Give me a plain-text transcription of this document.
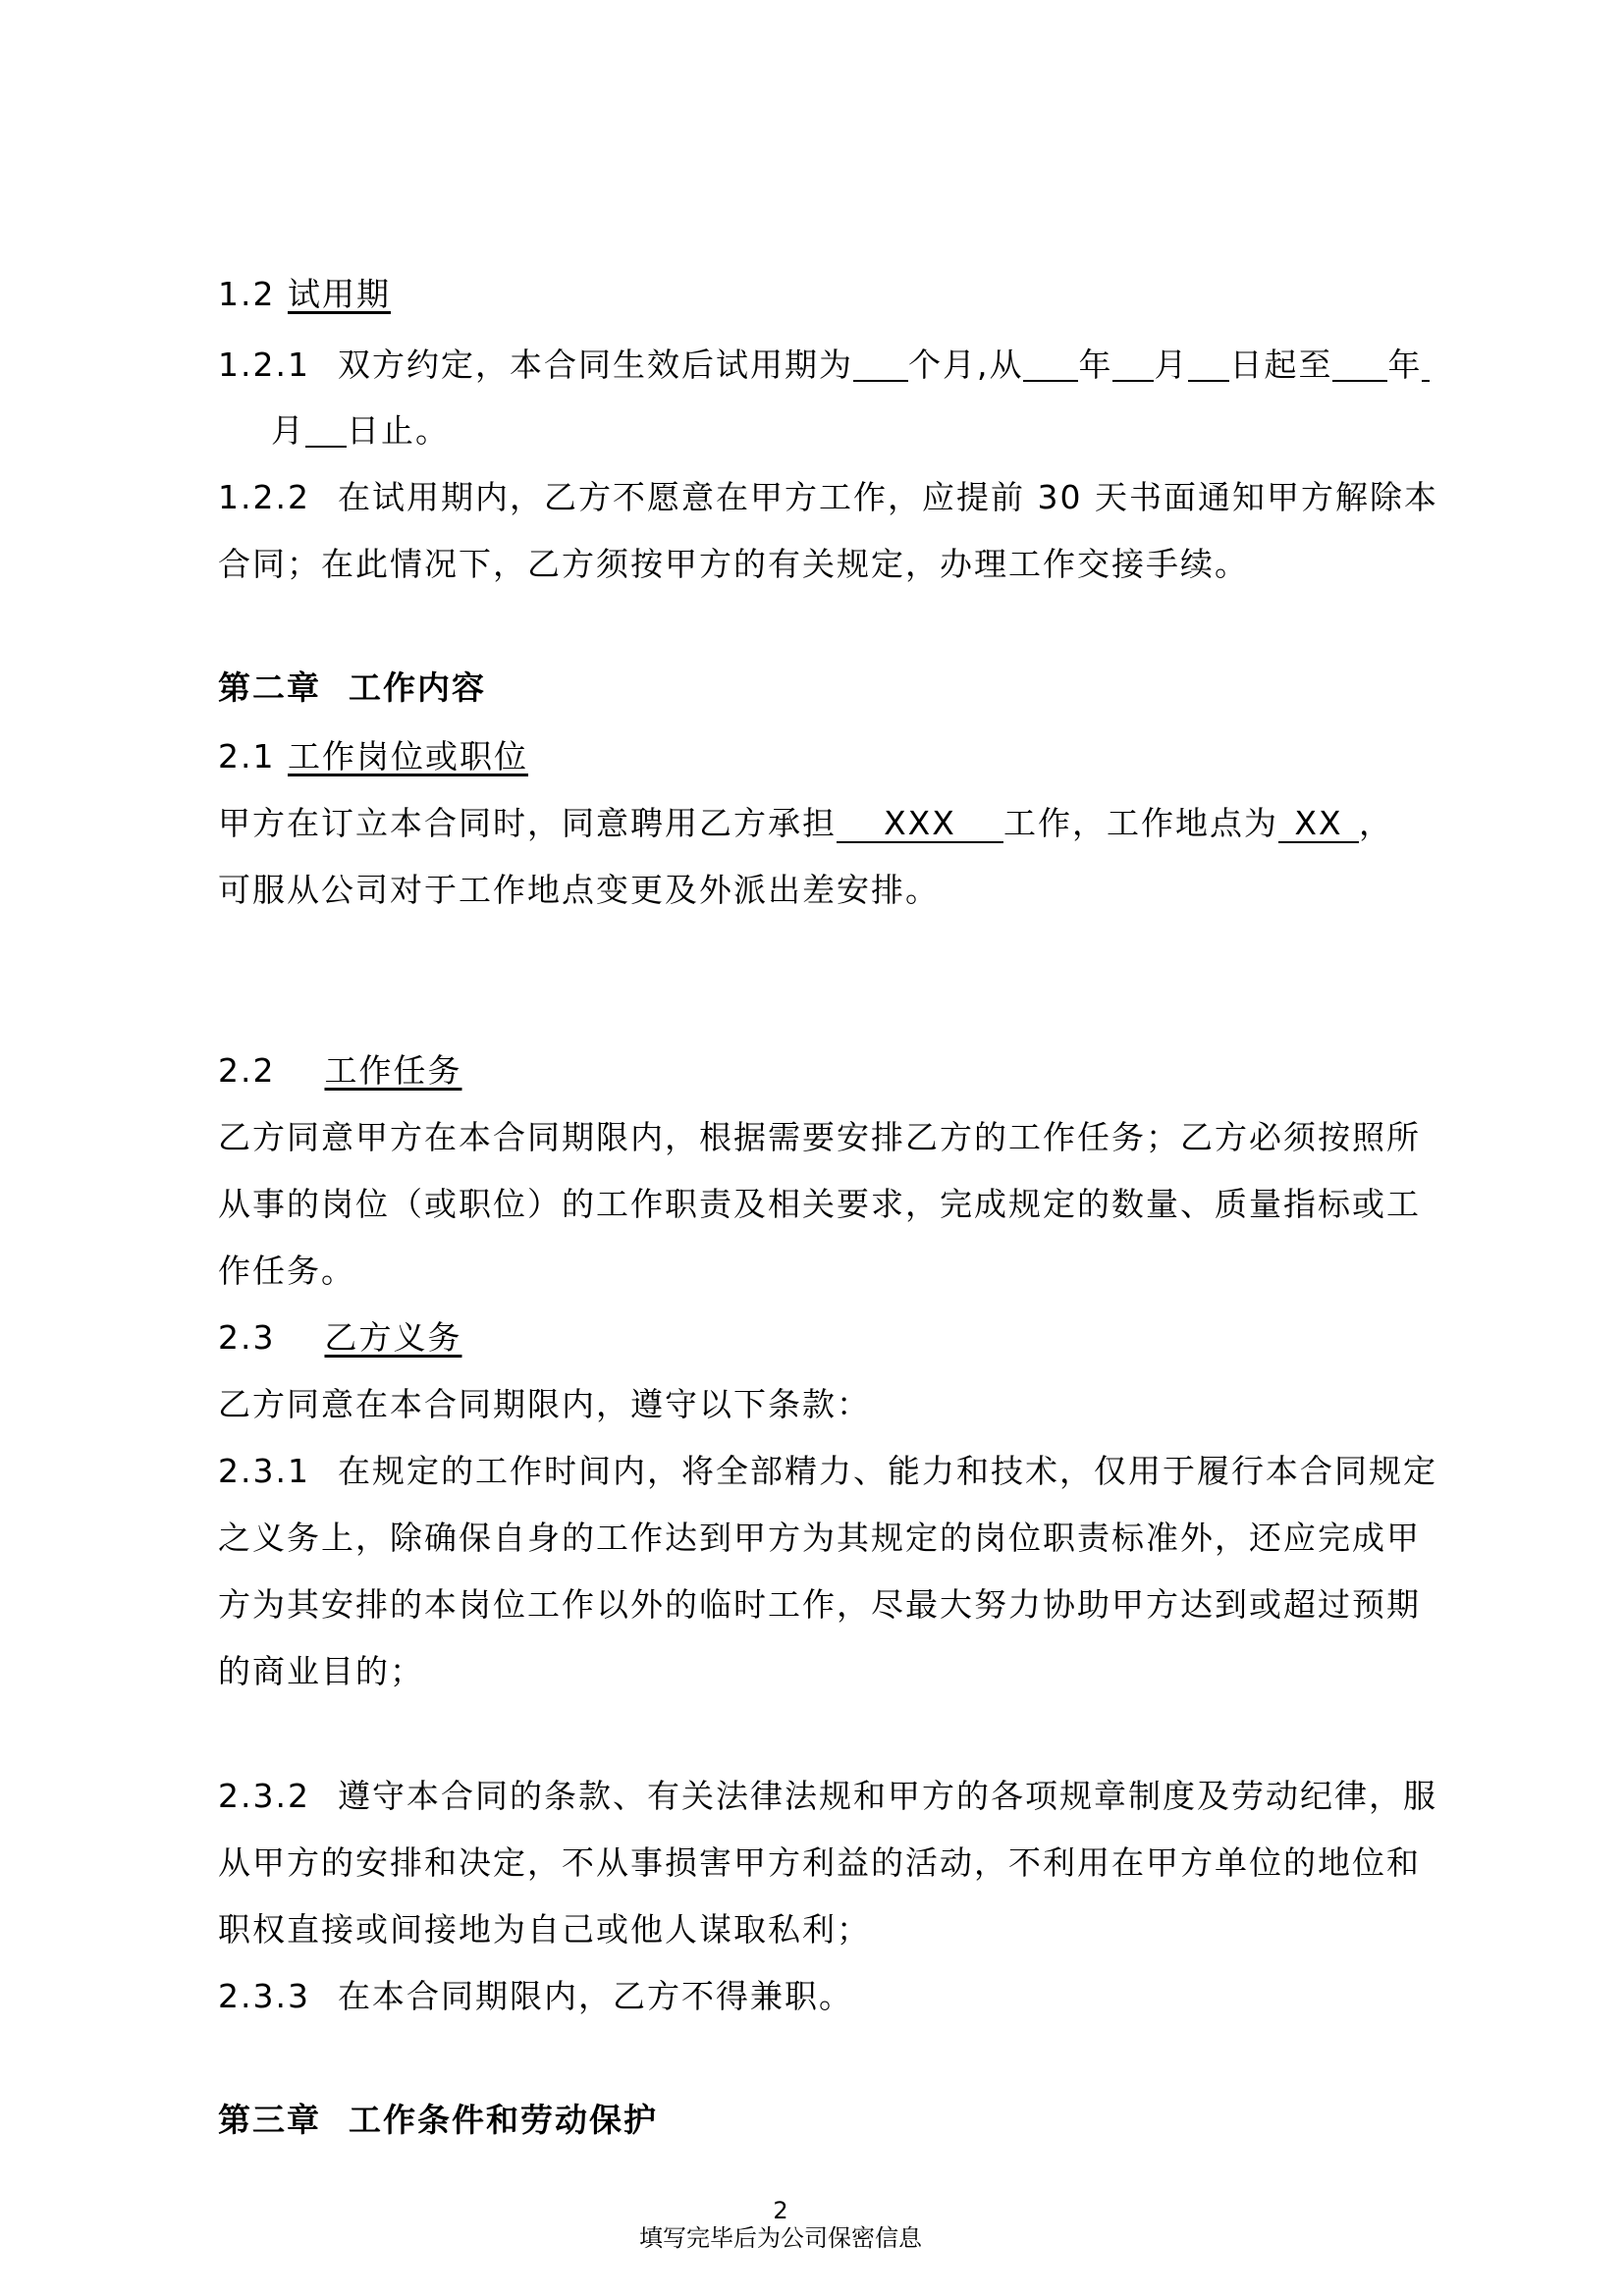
1.2 试用期
1.2.1 双方约定，本合同生效后试用期为 个月,从 年 月 日起至 年
月 日止。
1.2.2 在试用期内，乙方不愿意在甲方工作，应提前 30 天书面通知甲方解除本
合同；在此情况下，乙方须按甲方的有关规定，办理工作交接手续。
第二章 工作内容
2.1 工作岗位或职位
甲方在订立本合同时，同意聘用乙方承担 XXX 工作，工作地点为 XX ，
可服从公司对于工作地点变更及外派出差安排。
2.2 工作任务
乙方同意甲方在本合同期限内，根据需要安排乙方的工作任务；乙方必须按照所
从事的岗位（或职位）的工作职责及相关要求，完成规定的数量、质量指标或工
作任务。
2.3 乙方义务
乙方同意在本合同期限内，遵守以下条款：
2.3.1 在规定的工作时间内，将全部精力、能力和技术，仅用于履行本合同规定
之义务上，除确保自身的工作达到甲方为其规定的岗位职责标准外，还应完成甲
方为其安排的本岗位工作以外的临时工作，尽最大努力协助甲方达到或超过预期
的商业目的；
2.3.2 遵守本合同的条款、有关法律法规和甲方的各项规章制度及劳动纪律，服
从甲方的安排和决定，不从事损害甲方利益的活动，不利用在甲方单位的地位和
职权直接或间接地为自己或他人谋取私利；
2.3.3 在本合同期限内，乙方不得兼职。
第三章 工作条件和劳动保护
2
填写完毕后为公司保密信息
